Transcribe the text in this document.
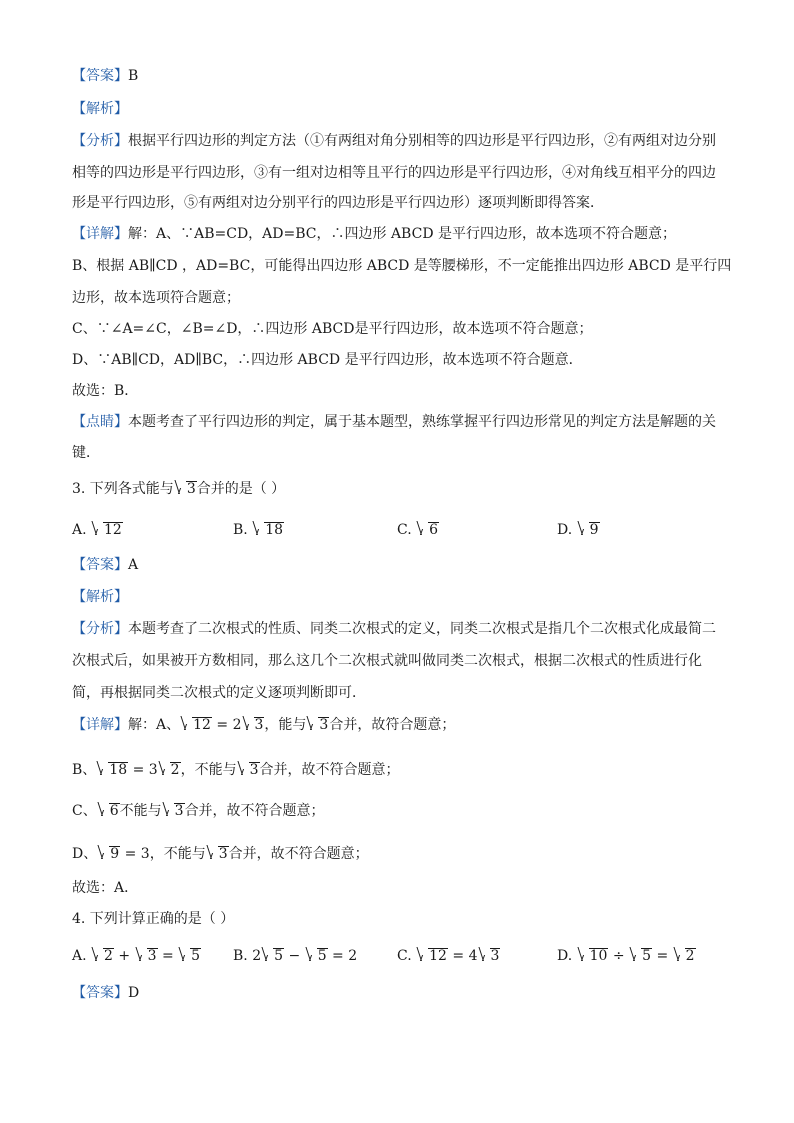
【答案】B
【解析】
【分析】根据平行四边形的判定方法（①有两组对角分别相等的四边形是平行四边形，②有两组对边分别
相等的四边形是平行四边形，③有一组对边相等且平行的四边形是平行四边形，④对角线互相平分的四边
形是平行四边形，⑤有两组对边分别平行的四边形是平行四边形）逐项判断即得答案．
【详解】解：A、∵AB=CD，AD=BC，∴四边形 ABCD 是平行四边形，故本选项不符合题意；
B、根据 AB∥CD ，AD=BC，可能得出四边形 ABCD 是等腰梯形，不一定能推出四边形 ABCD 是平行四
边形，故本选项符合题意；
C、∵∠A=∠C，∠B=∠D，∴四边形 ABCD是平行四边形，故本选项不符合题意；
D、∵AB∥CD，AD∥BC，∴四边形 ABCD 是平行四边形，故本选项不符合题意．
故选：B．
【点睛】本题考查了平行四边形的判定，属于基本题型，熟练掌握平行四边形常见的判定方法是解题的关
键．
3. 下列各式能与 3合并的是（ ）
A. 12	B. 18	C. 6	D. 9
【答案】A
【解析】
【分析】本题考查了二次根式的性质、同类二次根式的定义，同类二次根式是指几个二次根式化成最简二
次根式后，如果被开方数相同，那么这几个二次根式就叫做同类二次根式，根据二次根式的性质进行化
简，再根据同类二次根式的定义逐项判断即可．
【详解】解：A、 12 = 2 3，能与 3合并，故符合题意；
B、 18 = 3 2，不能与 3合并，故不符合题意；
C、 6不能与 3合并，故不符合题意；
D、 9 = 3，不能与 3合并，故不符合题意；
故选：A．
4. 下列计算正确的是（ ）
A. 2 + 3 = 5 B. 2 5 − 5 = 2	C. 12 = 4 3	D. 10 ÷ 5 = 2
【答案】D
